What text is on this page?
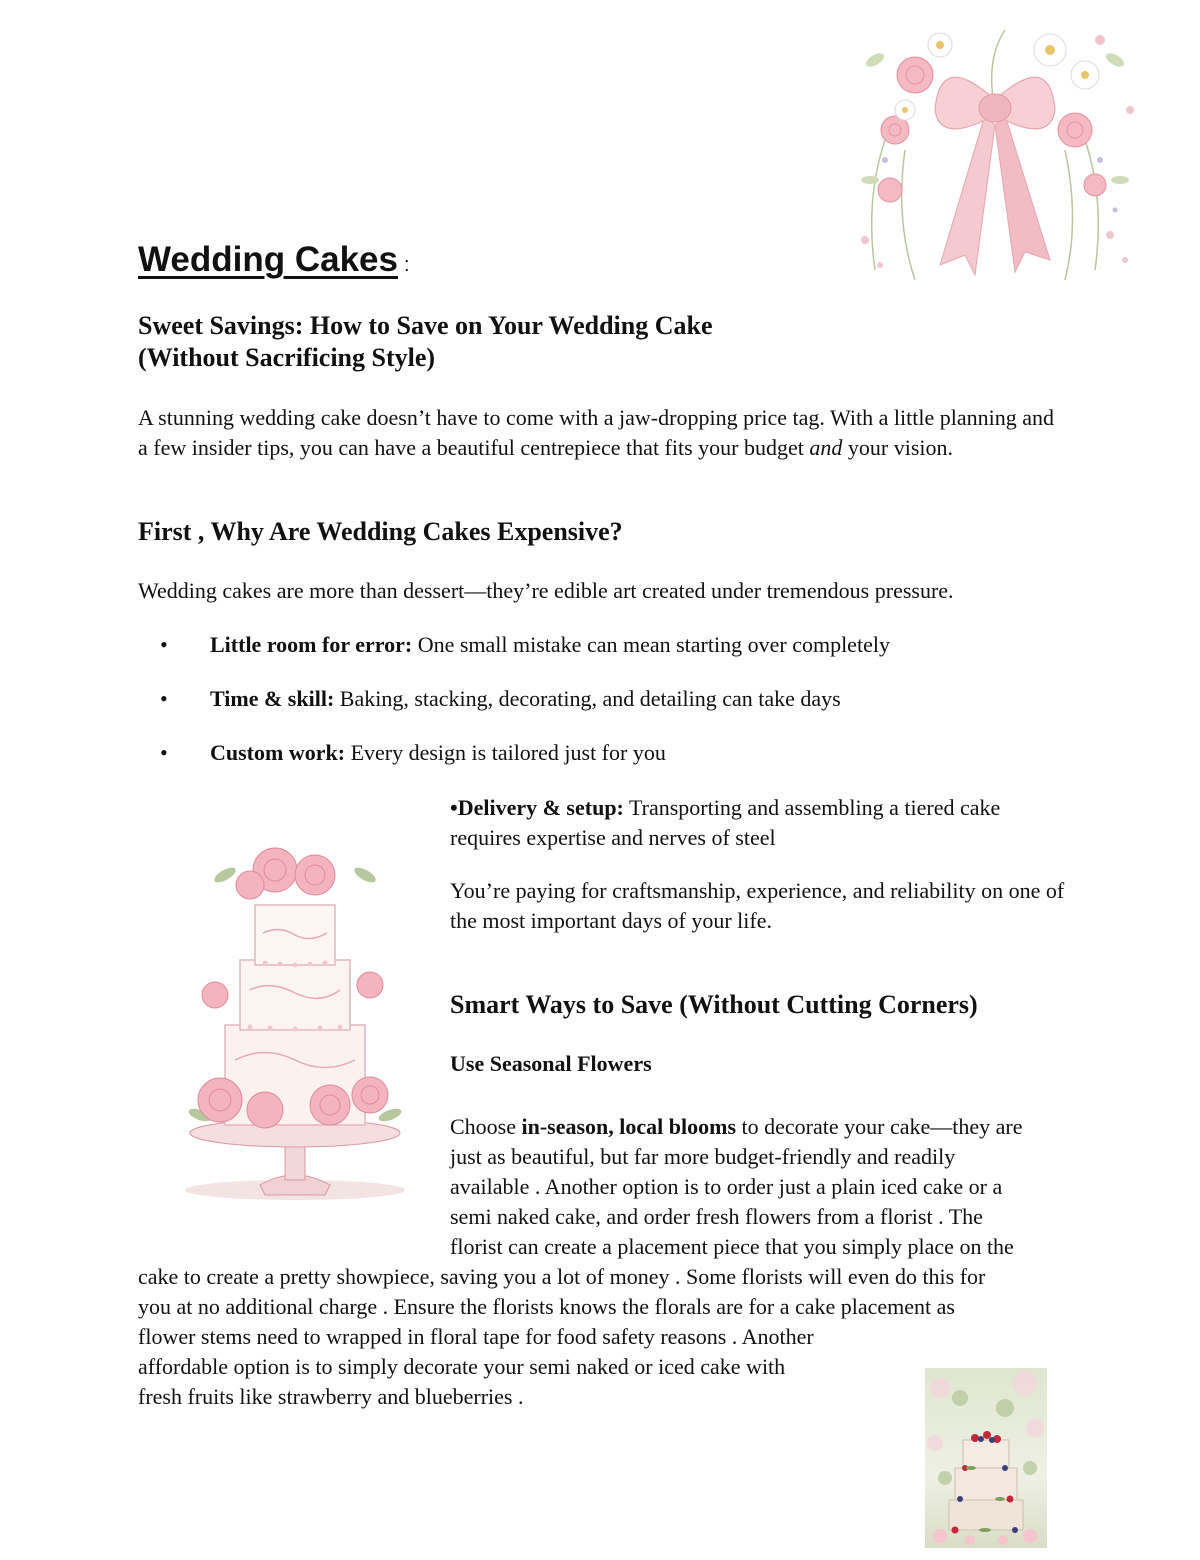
Wedding Cakes :
Sweet Savings: How to Save on Your Wedding Cake
(Without Sacrificing Style)

A stunning wedding cake doesn’t have to come with a jaw-dropping price tag. With a little planning and a few insider tips, you can have a beautiful centrepiece that fits your budget and your vision.

First , Why Are Wedding Cakes Expensive?

Wedding cakes are more than dessert—they’re edible art created under tremendous pressure.

•	Little room for error: One small mistake can mean starting over completely
•	Time & skill: Baking, stacking, decorating, and detailing can take days
•	Custom work: Every design is tailored just for you

•Delivery & setup: Transporting and assembling a tiered cake requires expertise and nerves of steel

You’re paying for craftsmanship, experience, and reliability on one of the most important days of your life.

Smart Ways to Save (Without Cutting Corners)
Use Seasonal Flowers
Choose in-season, local blooms to decorate your cake—they are
just as beautiful, but far more budget-friendly and readily
available . Another option is to order just a plain iced cake or a
semi naked cake, and order fresh flowers from a florist . The
florist can create a placement piece that you simply place on the
cake to create a pretty showpiece, saving you a lot of money . Some florists will even do this for
you at no additional charge . Ensure the florists knows the florals are for a cake placement as
flower stems need to wrapped in floral tape for food safety reasons . Another
affordable option is to simply decorate your semi naked or iced cake with
fresh fruits like strawberry and blueberries .
